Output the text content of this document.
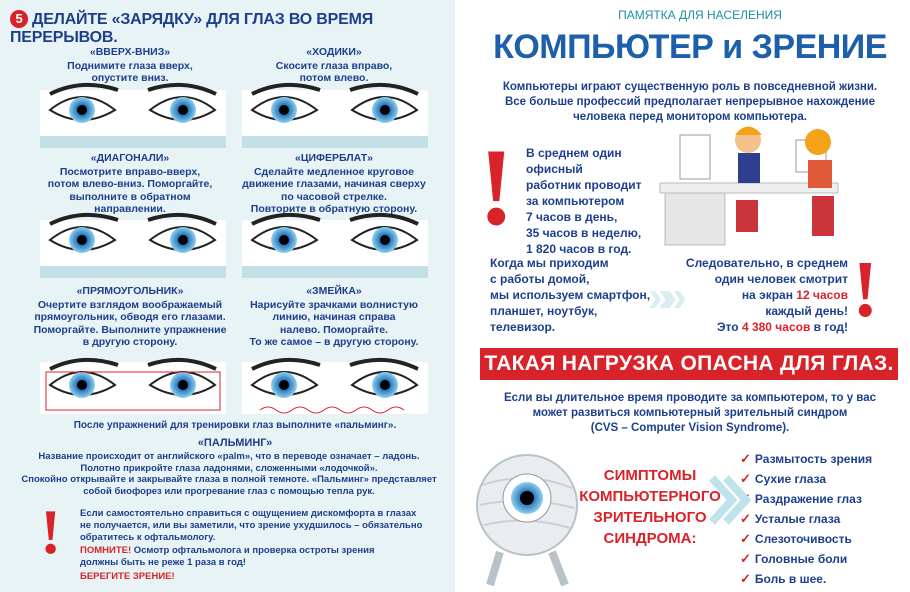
5 ДЕЛАЙТЕ «ЗАРЯДКУ» ДЛЯ ГЛАЗ ВО ВРЕМЯ ПЕРЕРЫВОВ.
«ВВЕРХ-ВНИЗ»
Поднимите глаза вверх,
опустите вниз.
«ХОДИКИ»
Скосите глаза вправо,
потом влево.
«ДИАГОНАЛИ»
Посмотрите вправо-вверх,
потом влево-вниз. Поморгайте,
выполните в обратном
направлении.
«ЦИФЕРБЛАТ»
Сделайте медленное круговое
движение глазами, начиная сверху
по часовой стрелке.
Повторите в обратную сторону.
«ПРЯМОУГОЛЬНИК»
Очертите взглядом воображаемый
прямоугольник, обводя его глазами.
Поморгайте. Выполните упражнение
в другую сторону.
«ЗМЕЙКА»
Нарисуйте зрачками волнистую
линию, начиная справа
налево. Поморгайте.
То же самое – в другую сторону.
После упражнений для тренировки глаз выполните «пальминг».
«ПАЛЬМИНГ»
Название происходит от английского «palm», что в переводе означает – ладонь.
Полотно прикройте глаза ладонями, сложенными «лодочкой».
Спокойно открывайте и закрывайте глаза в полной темноте. «Пальминг» представляет
собой биофорез или прогревание глаз с помощью тепла рук.
! Если самостоятельно справиться с ощущением дискомфорта в глазах
не получается, или вы заметили, что зрение ухудшилось – обязательно
обратитесь к офтальмологу.
ПОМНИТЕ! Осмотр офтальмолога и проверка остроты зрения
должны быть не реже 1 раза в год!
БЕРЕГИТЕ ЗРЕНИЕ!
ПАМЯТКА ДЛЯ НАСЕЛЕНИЯ
КОМПЬЮТЕР и ЗРЕНИЕ
Компьютеры играют существенную роль в повседневной жизни.
Все больше профессий предполагает непрерывное нахождение
человека перед монитором компьютера.
! В среднем один офисный
работник проводит
за компьютером
7 часов в день,
35 часов в неделю,
1 820 часов в год.
Когда мы приходим
с работы домой,
мы используем смартфон,
планшет, ноутбук,
телевизор.
»»
Следовательно, в среднем
один человек смотрит
на экран 12 часов
каждый день!
Это 4 380 часов в год! !
ТАКАЯ НАГРУЗКА ОПАСНА ДЛЯ ГЛАЗ.
Если вы длительное время проводите за компьютером, то у вас
может развиться компьютерный зрительный синдром
(CVS – Computer Vision Syndrome).
СИМПТОМЫ
КОМПЬЮТЕРНОГО
ЗРИТЕЛЬНОГО
СИНДРОМА:
✓ Размытость зрения
✓ Сухие глаза
✓ Раздражение глаз
✓ Усталые глаза
✓ Слезоточивость
✓ Головные боли
✓ Боль в шее.
